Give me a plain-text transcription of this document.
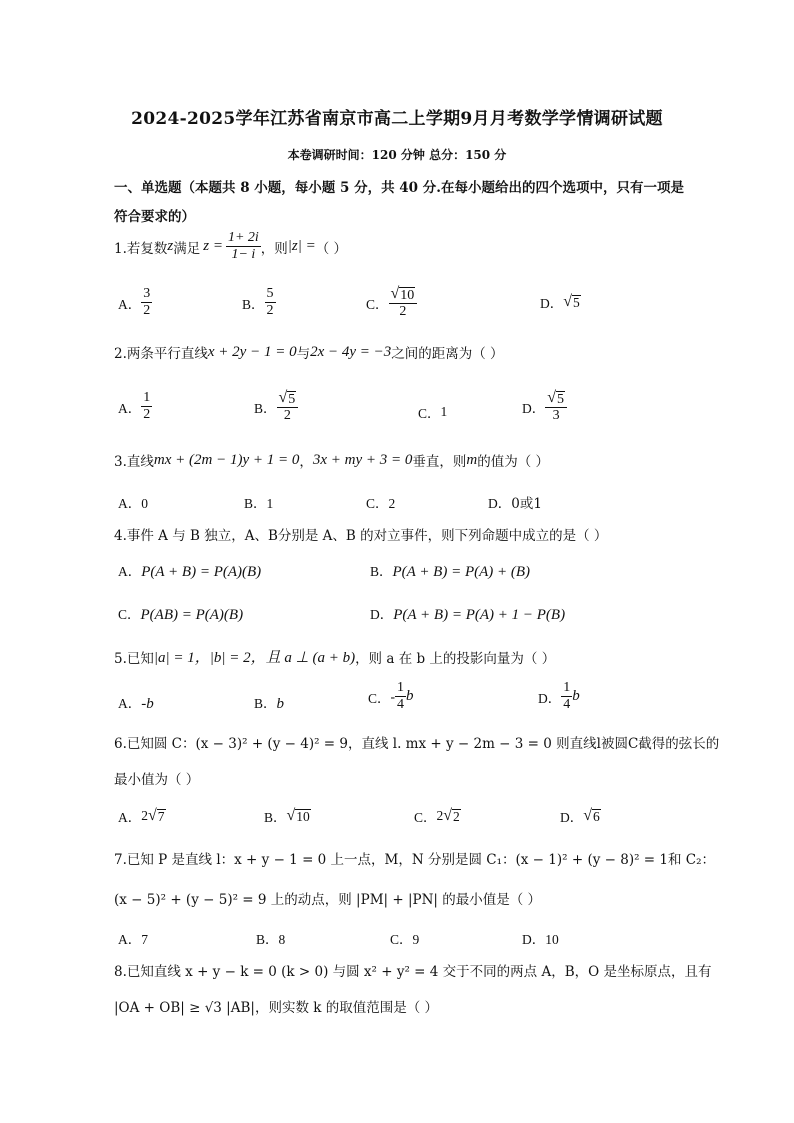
2024-2025学年江苏省南京市高二上学期9月月考数学学情调研试题
本卷调研时间：120 分钟 总分：150 分
一、单选题（本题共 8 小题，每小题 5 分，共 40 分.在每小题给出的四个选项中，只有一项是
符合要求的）
1.若复数 z 满足 $z = \frac{1+ 2i}{1- i}$ ，则 |z| = （ ）
A． $\frac{3}{2}$	B． $\frac{5}{2}$	C． $\frac{√ 10}{2}$	D． √ 5
2.两条平行直线 x + 2y − 1 = 0 与 2x − 4y = −3 之间的距离为（ ）
A． $\frac{1}{2}$	B． $\frac{√ 5}{2}$	C． 1	D． $\frac{√ 5}{3}$
3.直线 mx + (2m − 1)y + 1 = 0 ， 3x + my + 3 = 0 垂直，则 m 的值为（ ）
A．0	B．1	C．2	D．0或1
4.事件 A 与 B 独立，A、B分别是 A、B 的对立事件，则下列命题中成立的是（ ）
A．P(A + B) = P(A)(B)	B．P(A + B) = P(A) + (B)
C．P(AB) = P(A)(B)	D．P(A + B) = P(A) + 1 − P(B)
5.已知 |a| = 1，|b| = 2，且 a ⊥ (a + b) ，则 a 在 b 上的投影向量为（ ）
A．-b	B．b	C． - $\frac{1}{4}$ b	D． $\frac{1}{4}$ b
6.已知圆 C：(x − 3)² + (y − 4)² = 9，直线 l. mx + y − 2m − 3 = 0 则直线l被圆C截得的弦长的
最小值为（ ）
A． 2 √ 7	B． √ 10	C． 2 √ 2	D． √ 6
7.已知 P 是直线 l：x + y − 1 = 0 上一点，M，N 分别是圆 C₁：(x − 1)² + (y − 8)² = 1和 C₂：
(x − 5)² + (y − 5)² = 9 上的动点，则 |PM| + |PN| 的最小值是（ ）
A．7	B．8	C．9	D．10
8.已知直线 x + y − k = 0 (k > 0) 与圆 x² + y² = 4 交于不同的两点 A，B，O 是坐标原点，且有
|OA + OB| ≥ √3 |AB|，则实数 k 的取值范围是（ ）
